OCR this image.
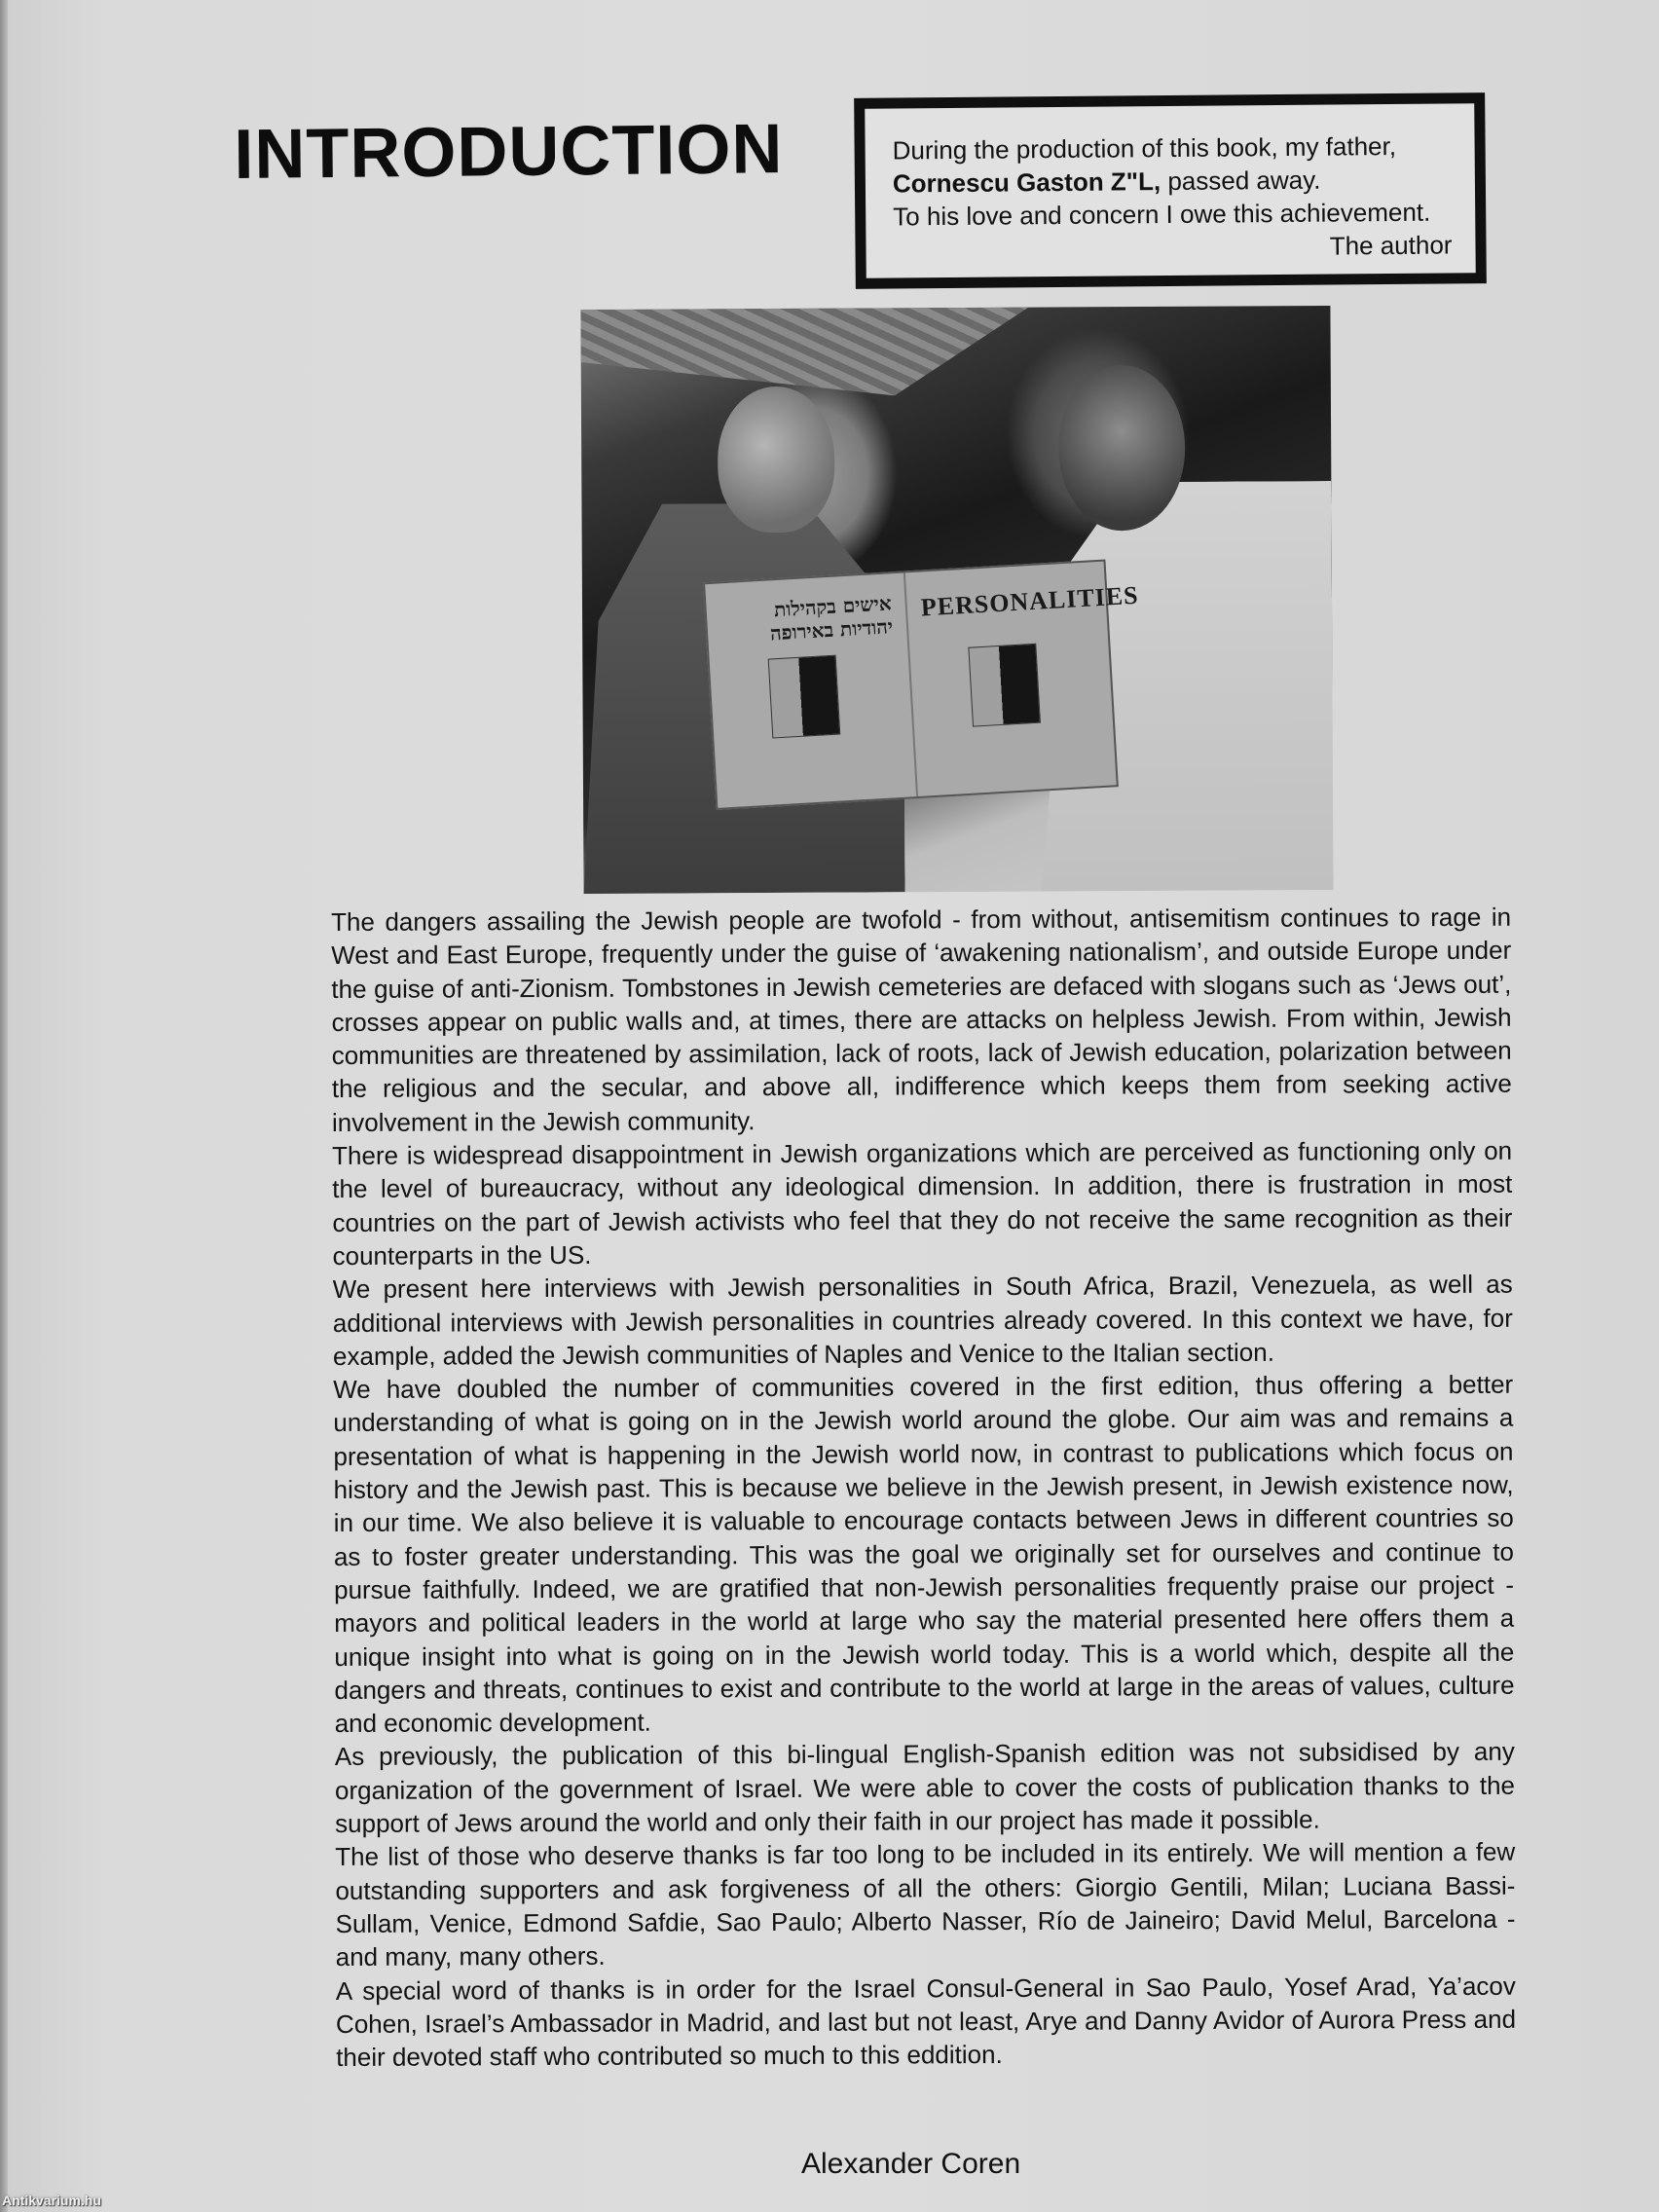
INTRODUCTION	During the production of this book, my father,
Cornescu Gaston Z"L, passed away.
To his love and concern I owe this achievement.
The author
אישים בקהילות
יהודיות באירופה
PERSONALITIES

The dangers assailing the Jewish people are twofold - from without, antisemitism continues to rage in West and East Europe, frequently under the guise of ‘awakening nationalism’, and outside Europe under the guise of anti-Zionism. Tombstones in Jewish cemeteries are defaced with slogans such as ‘Jews out’, crosses appear on public walls and, at times, there are attacks on helpless Jewish. From within, Jewish communities are threatened by assimilation, lack of roots, lack of Jewish education, polarization between the religious and the secular, and above all, indifference which keeps them from seeking active involvement in the Jewish community.

There is widespread disappointment in Jewish organizations which are perceived as functioning only on the level of bureaucracy, without any ideological dimension. In addition, there is frustration in most countries on the part of Jewish activists who feel that they do not receive the same recognition as their counterparts in the US.

We present here interviews with Jewish personalities in South Africa, Brazil, Venezuela, as well as additional interviews with Jewish personalities in countries already covered. In this context we have, for example, added the Jewish communities of Naples and Venice to the Italian section.

We have doubled the number of communities covered in the first edition, thus offering a better understanding of what is going on in the Jewish world around the globe. Our aim was and remains a presentation of what is happening in the Jewish world now, in contrast to publications which focus on history and the Jewish past. This is because we believe in the Jewish present, in Jewish existence now, in our time. We also believe it is valuable to encourage contacts between Jews in different countries so as to foster greater understanding. This was the goal we originally set for ourselves and continue to pursue faithfully. Indeed, we are gratified that non-Jewish personalities frequently praise our project - mayors and political leaders in the world at large who say the material presented here offers them a unique insight into what is going on in the Jewish world today. This is a world which, despite all the dangers and threats, continues to exist and contribute to the world at large in the areas of values, culture and economic development.

As previously, the publication of this bi-lingual English-Spanish edition was not subsidised by any organization of the government of Israel. We were able to cover the costs of publication thanks to the support of Jews around the world and only their faith in our project has made it possible.

The list of those who deserve thanks is far too long to be included in its entirely. We will mention a few outstanding supporters and ask forgiveness of all the others: Giorgio Gentili, Milan; Luciana Bassi-Sullam, Venice, Edmond Safdie, Sao Paulo; Alberto Nasser, Río de Jaineiro; David Melul, Barcelona - and many, many others.

A special word of thanks is in order for the Israel Consul-General in Sao Paulo, Yosef Arad, Ya’acov Cohen, Israel’s Ambassador in Madrid, and last but not least, Arye and Danny Avidor of Aurora Press and their devoted staff who contributed so much to this eddition.

Alexander Coren
Antikvarium.hu
